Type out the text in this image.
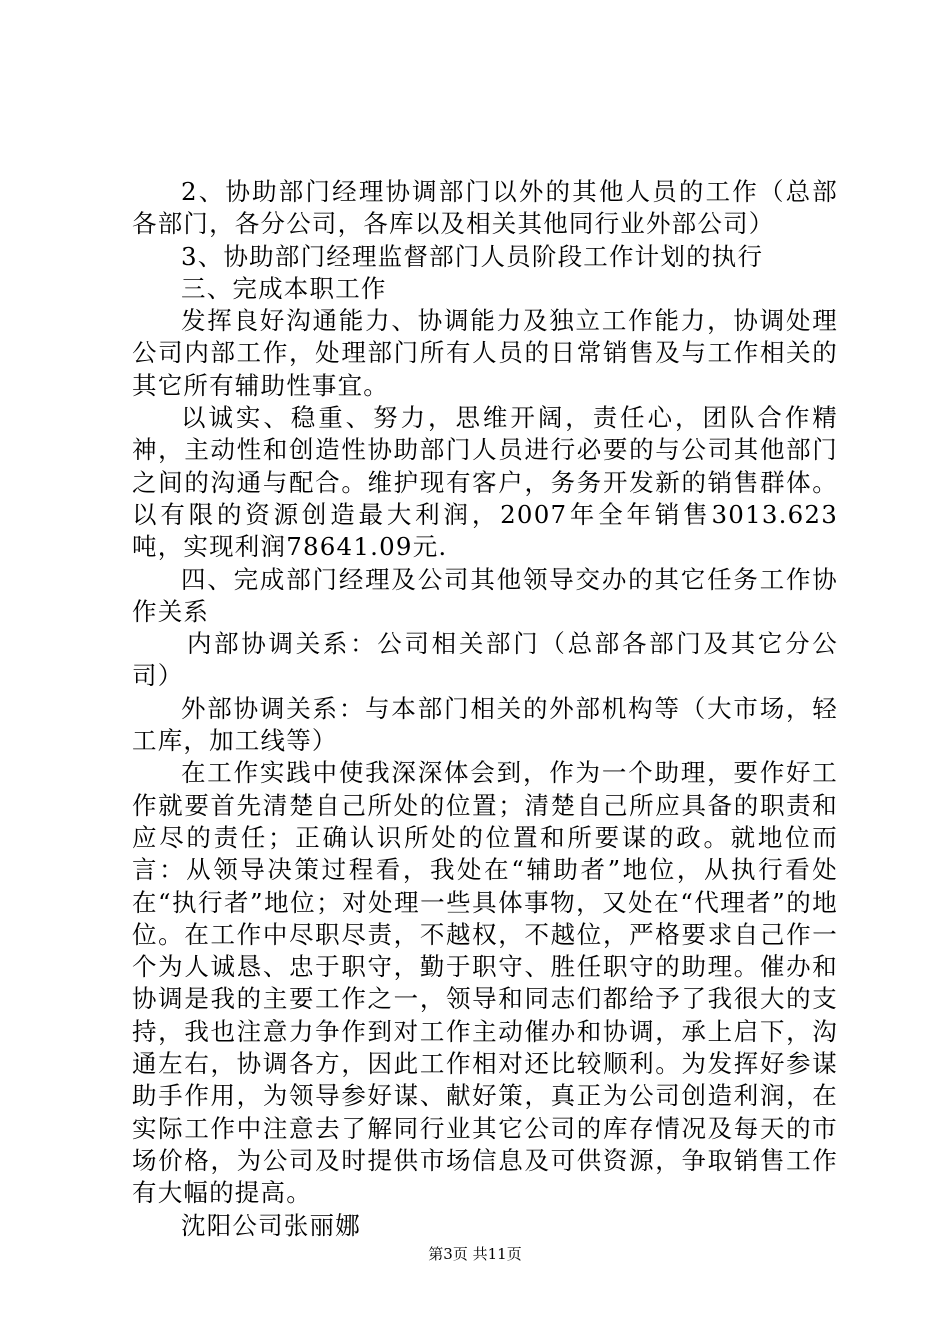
2、协助部门经理协调部门以外的其他人员的工作（总部各部门，各分公司，各库以及相关其他同行业外部公司）

3、协助部门经理监督部门人员阶段工作计划的执行

三、完成本职工作

发挥良好沟通能力、协调能力及独立工作能力，协调处理公司内部工作，处理部门所有人员的日常销售及与工作相关的其它所有辅助性事宜。

以诚实、稳重、努力，思维开阔，责任心，团队合作精神，主动性和创造性协助部门人员进行必要的与公司其他部门之间的沟通与配合。维护现有客户，务务开发新的销售群体。以有限的资源创造最大利润，2007年全年销售3013.623吨，实现利润78641.09元.

四、完成部门经理及公司其他领导交办的其它任务工作协作关系

内部协调关系：公司相关部门（总部各部门及其它分公司）

外部协调关系：与本部门相关的外部机构等（大市场，轻工库，加工线等）

在工作实践中使我深深体会到，作为一个助理，要作好工作就要首先清楚自己所处的位置；清楚自己所应具备的职责和应尽的责任；正确认识所处的位置和所要谋的政。就地位而言：从领导决策过程看，我处在“辅助者”地位，从执行看处在“执行者”地位；对处理一些具体事物，又处在“代理者”的地位。在工作中尽职尽责，不越权，不越位，严格要求自己作一个为人诚恳、忠于职守，勤于职守、胜任职守的助理。催办和协调是我的主要工作之一，领导和同志们都给予了我很大的支持，我也注意力争作到对工作主动催办和协调，承上启下，沟通左右，协调各方，因此工作相对还比较顺利。为发挥好参谋助手作用，为领导参好谋、献好策，真正为公司创造利润，在实际工作中注意去了解同行业其它公司的库存情况及每天的市场价格，为公司及时提供市场信息及可供资源，争取销售工作有大幅的提高。

沈阳公司张丽娜

第3页 共11页
